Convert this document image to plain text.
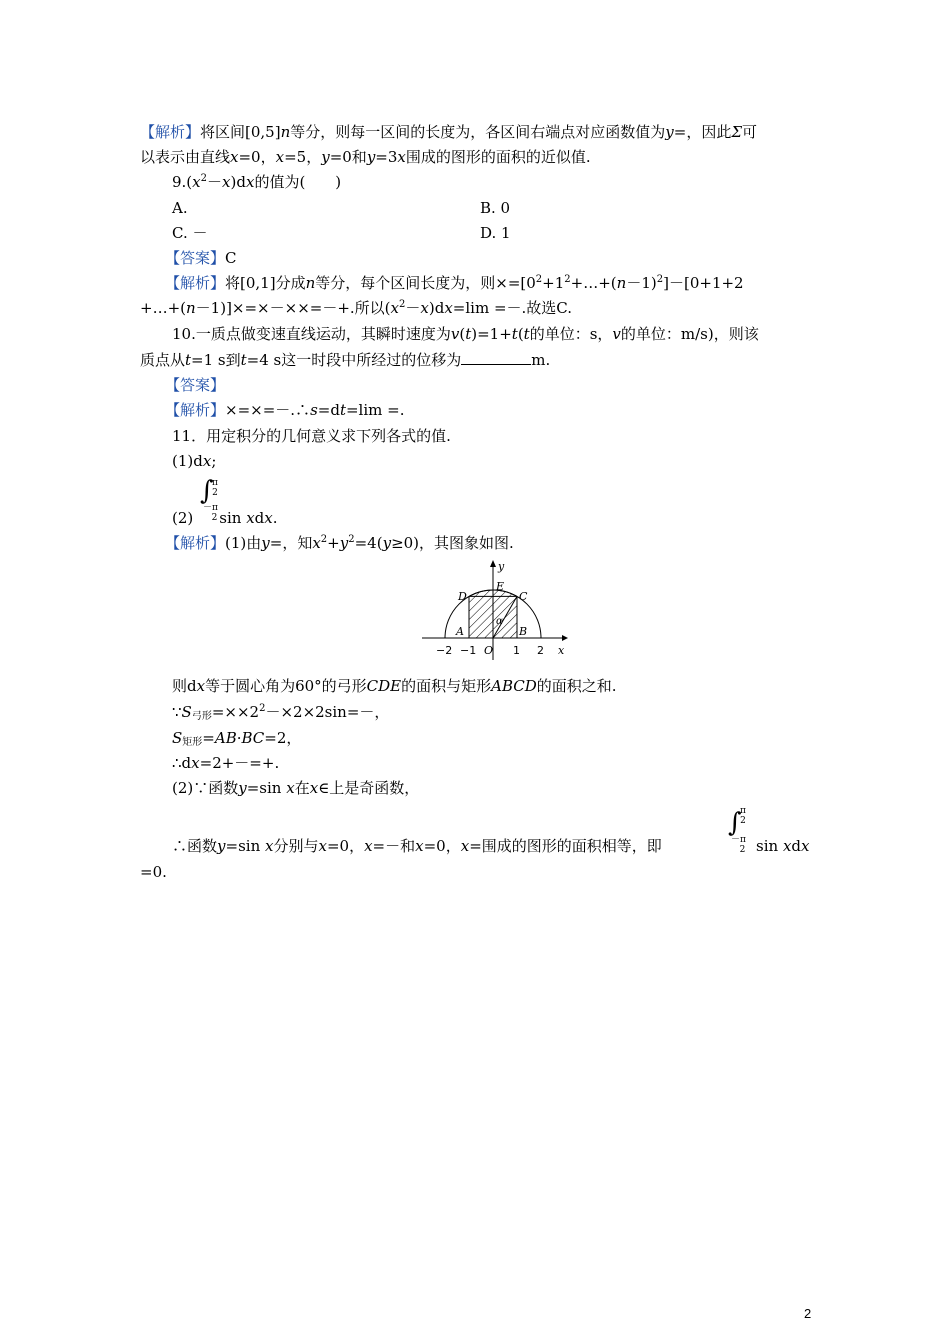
【解析】将区间[0,5]n等分，则每一区间的长度为，各区间右端点对应函数值为y=，因此Σ可
以表示由直线x=0，x=5，y=0和y=3x围成的图形的面积的近似值.
$9.(x^2-x)dx$的值为(　　)
A.	B. 0
C. －	D. 1
【答案】C
【解析】将[0,1]分成n等分，每个区间长度为，则$\times=[0^2+1^2+\dots+(n-1)^2]-[0+1+2$
+…+(n－1)]×=×－××=－+.所以$(x^2-x)dx=\lim$ =－.故选C.
10.一质点做变速直线运动，其瞬时速度为v(t)=1+t(t的单位：s，v的单位：m/s)，则该
质点从t=1 s到t=4 s这一时段中所经过的位移为	m.
【答案】
【解析】×=×=－.∴s=dt=lim =.
11．用定积分的几何意义求下列各式的值.
(1)dx;
∫
π
2
－π
2
(2) sin xdx.
【解析】(1)由y=，知$x^2+y^2=4(y\ge 0)$，其图象如图.
y
x
D
E
C
A	B
α
O
−2 −1	1 2
则dx等于圆心角为60°的弓形CDE的面积与矩形ABCD的面积之和.
$\because S_{弓形}=\times\times 2^2-\times 2\times 2\sin=-$，
$S_{矩形}=AB\cdot BC=2$，
∴dx=2+－=+.
(2)∵函数y=sin x在x∈上是奇函数，
∫
π
2
－π
2
∴函数y=sin x分别与x=0，x=－和x=0，x=围成的图形的面积相等，即	sin xdx
=0.
2
